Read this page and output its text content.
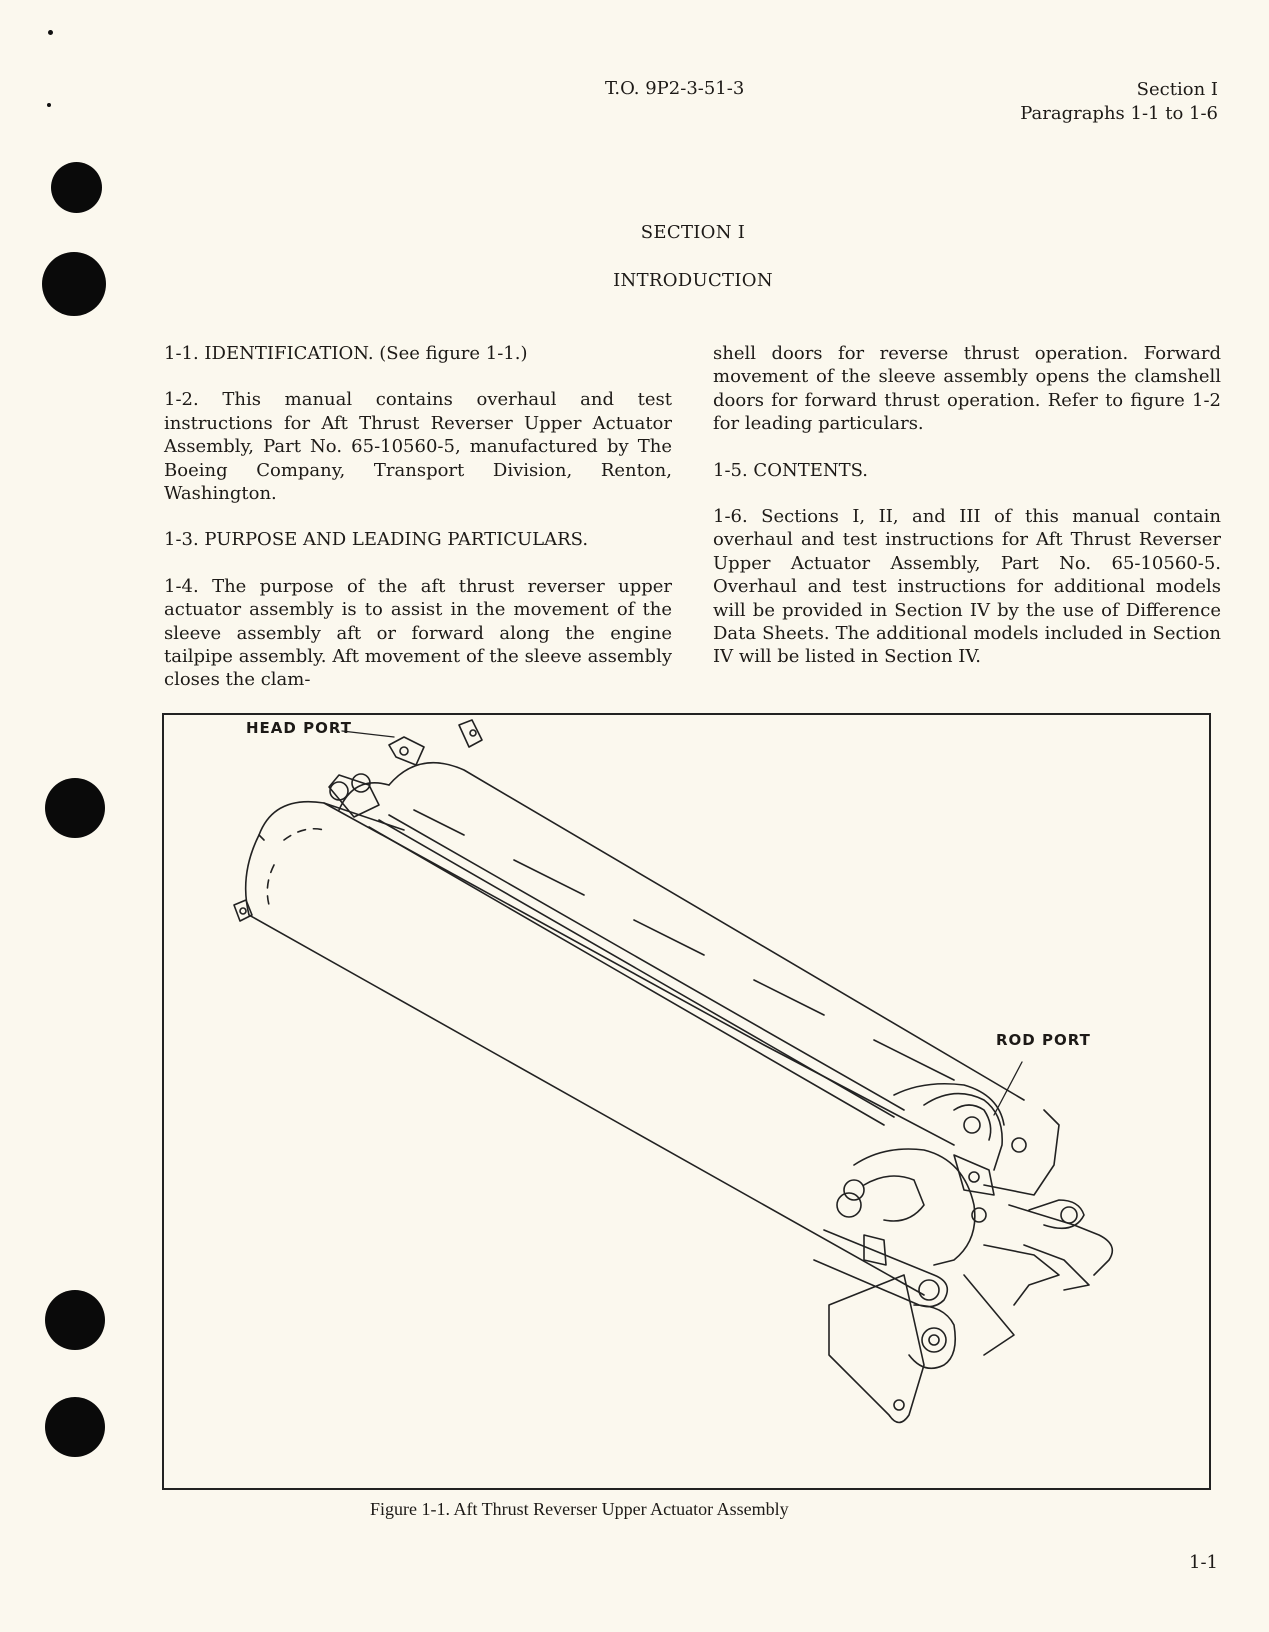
T.O. 9P2-3-51-3	Section I
Paragraphs 1-1 to 1-6
SECTION I
INTRODUCTION

1-1. IDENTIFICATION. (See figure 1-1.)

1-2. This manual contains overhaul and test instructions for Aft Thrust Reverser Upper Actuator Assembly, Part No. 65-10560-5, manufactured by The Boeing Company, Transport Division, Renton, Washington.

1-3. PURPOSE AND LEADING PARTICULARS.

1-4. The purpose of the aft thrust reverser upper actuator assembly is to assist in the movement of the sleeve assembly aft or forward along the engine tailpipe assembly. Aft movement of the sleeve assembly closes the clam-

shell doors for reverse thrust operation. Forward movement of the sleeve assembly opens the clamshell doors for forward thrust operation. Refer to figure 1-2 for leading particulars.

1-5. CONTENTS.

1-6. Sections I, II, and III of this manual contain overhaul and test instructions for Aft Thrust Reverser Upper Actuator Assembly, Part No. 65-10560-5. Overhaul and test instructions for additional models will be provided in Section IV by the use of Difference Data Sheets. The additional models included in Section IV will be listed in Section IV.

HEAD PORT
ROD PORT
Figure 1-1. Aft Thrust Reverser Upper Actuator Assembly
1-1
